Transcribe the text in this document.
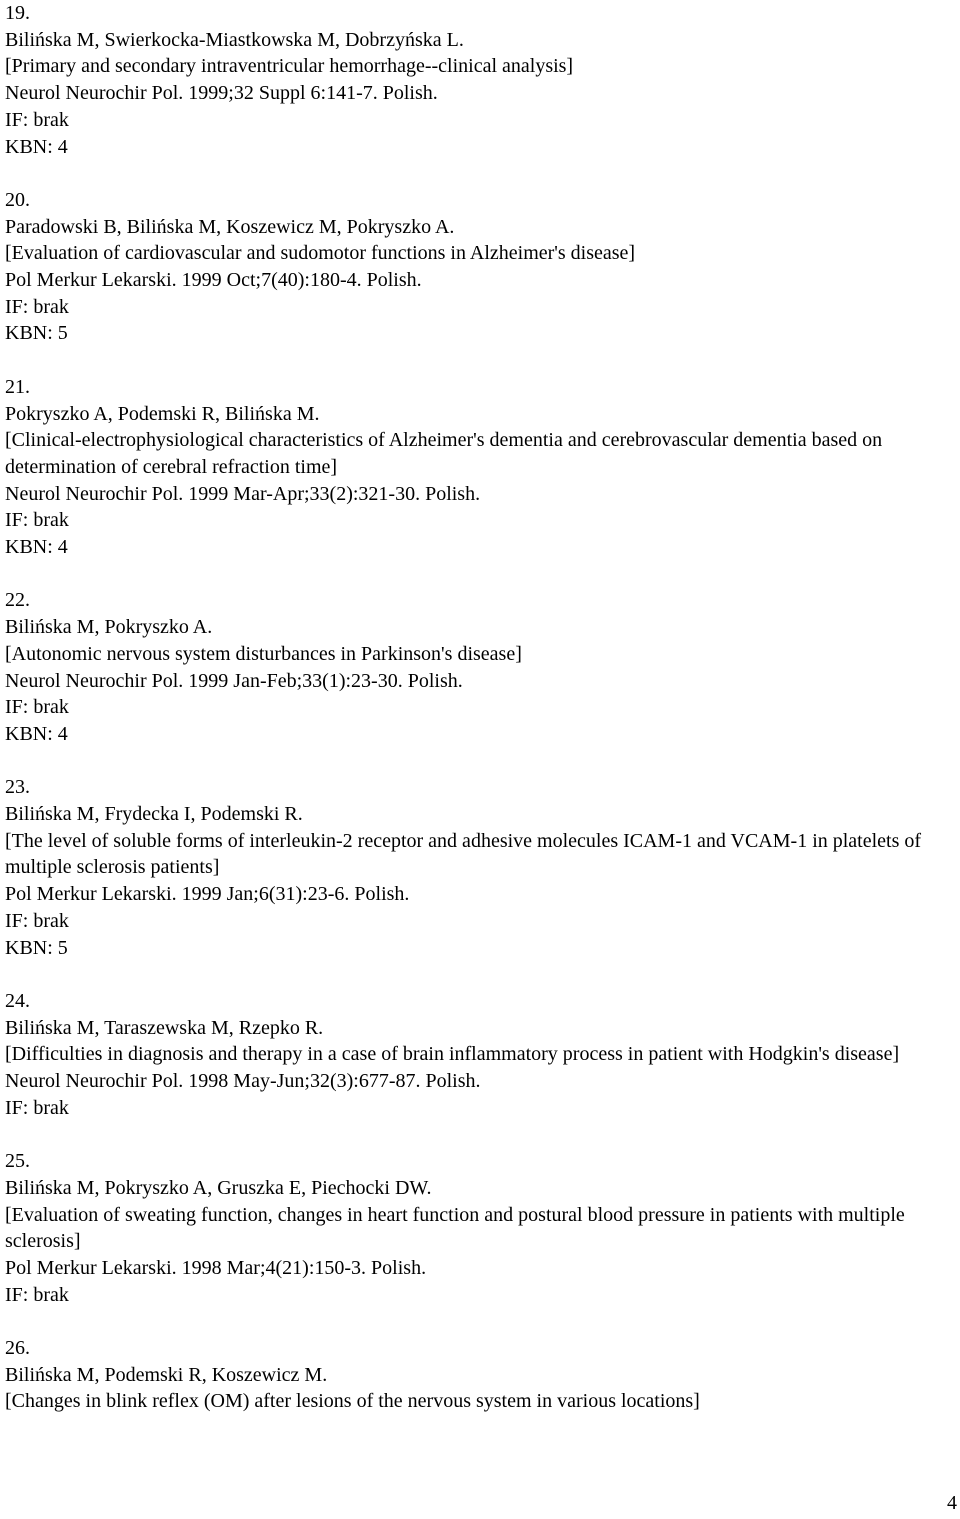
19.
Bilińska M, Swierkocka-Miastkowska M, Dobrzyńska L.
[Primary and secondary intraventricular hemorrhage--clinical analysis]
Neurol Neurochir Pol. 1999;32 Suppl 6:141-7. Polish.
IF: brak
KBN: 4
20.
Paradowski B, Bilińska M, Koszewicz M, Pokryszko A.
[Evaluation of cardiovascular and sudomotor functions in Alzheimer's disease]
Pol Merkur Lekarski. 1999 Oct;7(40):180-4. Polish.
IF: brak
KBN: 5
21.
Pokryszko A, Podemski R, Bilińska M.
[Clinical-electrophysiological characteristics of Alzheimer's dementia and cerebrovascular dementia based on determination of cerebral refraction time]
Neurol Neurochir Pol. 1999 Mar-Apr;33(2):321-30. Polish.
IF: brak
KBN: 4
22.
Bilińska M, Pokryszko A.
[Autonomic nervous system disturbances in Parkinson's disease]
Neurol Neurochir Pol. 1999 Jan-Feb;33(1):23-30. Polish.
IF: brak
KBN: 4
23.
Bilińska M, Frydecka I, Podemski R.
[The level of soluble forms of interleukin-2 receptor and adhesive molecules ICAM-1 and VCAM-1 in platelets of multiple sclerosis patients]
Pol Merkur Lekarski. 1999 Jan;6(31):23-6. Polish.
IF: brak
KBN: 5
24.
Bilińska M, Taraszewska M, Rzepko R.
[Difficulties in diagnosis and therapy in a case of brain inflammatory process in patient with Hodgkin's disease]
Neurol Neurochir Pol. 1998 May-Jun;32(3):677-87. Polish.
IF: brak
25.
Bilińska M, Pokryszko A, Gruszka E, Piechocki DW.
[Evaluation of sweating function, changes in heart function and postural blood pressure in patients with multiple sclerosis]
Pol Merkur Lekarski. 1998 Mar;4(21):150-3. Polish.
IF: brak
26.
Bilińska M, Podemski R, Koszewicz M.
[Changes in blink reflex (OM) after lesions of the nervous system in various locations]
4
